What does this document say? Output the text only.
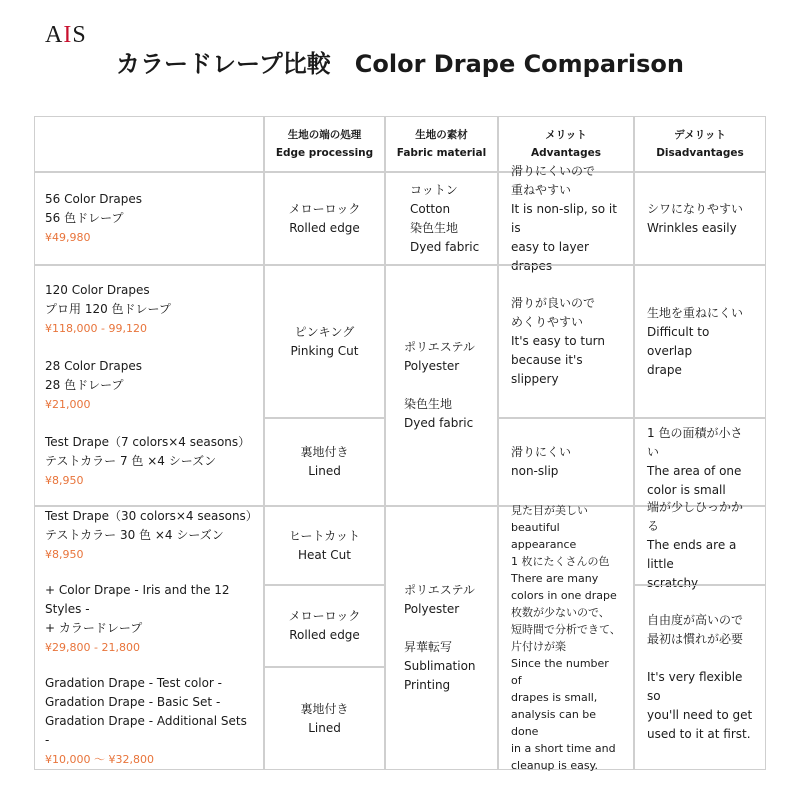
AIS
カラードレープ比較　Color Drape Comparison
生地の端の処理
Edge processing
生地の素材
Fabric material
メリット
Advantages
デメリット
Disadvantages
56 Color Drapes
56 色ドレープ
¥49,980
120 Color Drapes
プロ用 120 色ドレープ
¥118,000 - 99,120
28 Color Drapes
28 色ドレープ
¥21,000
Test Drape（7 colors×4 seasons）
テストカラー 7 色 ×4 シーズン
¥8,950
Test Drape（30 colors×4 seasons）
テストカラー 30 色 ×4 シーズン
¥8,950
+ Color Drape - Iris and the 12 Styles -
+ カラードレープ
¥29,800 - 21,800
Gradation Drape - Test color -
Gradation Drape - Basic Set -
Gradation Drape - Additional Sets -
¥10,000 〜 ¥32,800
メローロック
Rolled edge
ピンキング
Pinking Cut
裏地付き
Lined
ヒートカット
Heat Cut
メローロック
Rolled edge
裏地付き
Lined
コットン
Cotton
染色生地
Dyed fabric
ポリエステル
Polyester
染色生地
Dyed fabric
ポリエステル
Polyester
昇華転写
Sublimation
Printing
滑りにくいので
重ねやすい
It is non-slip, so it is
easy to layer drapes
滑りが良いので
めくりやすい
It's easy to turn
because it's slippery
滑りにくい
non-slip
見た目が美しい
beautiful appearance
1 枚にたくさんの色
There are many
colors in one drape
枚数が少ないので、
短時間で分析できて、
片付けが楽
Since the number of
drapes is small,
analysis can be done
in a short time and
cleanup is easy.
シワになりやすい
Wrinkles easily
生地を重ねにくい
Difficult to overlap
drape
1 色の面積が小さい
The area of one
color is small
端が少しひっかかる
The ends are a little
scratchy
自由度が高いので
最初は慣れが必要
It's very flexible so
you'll need to get
used to it at first.
